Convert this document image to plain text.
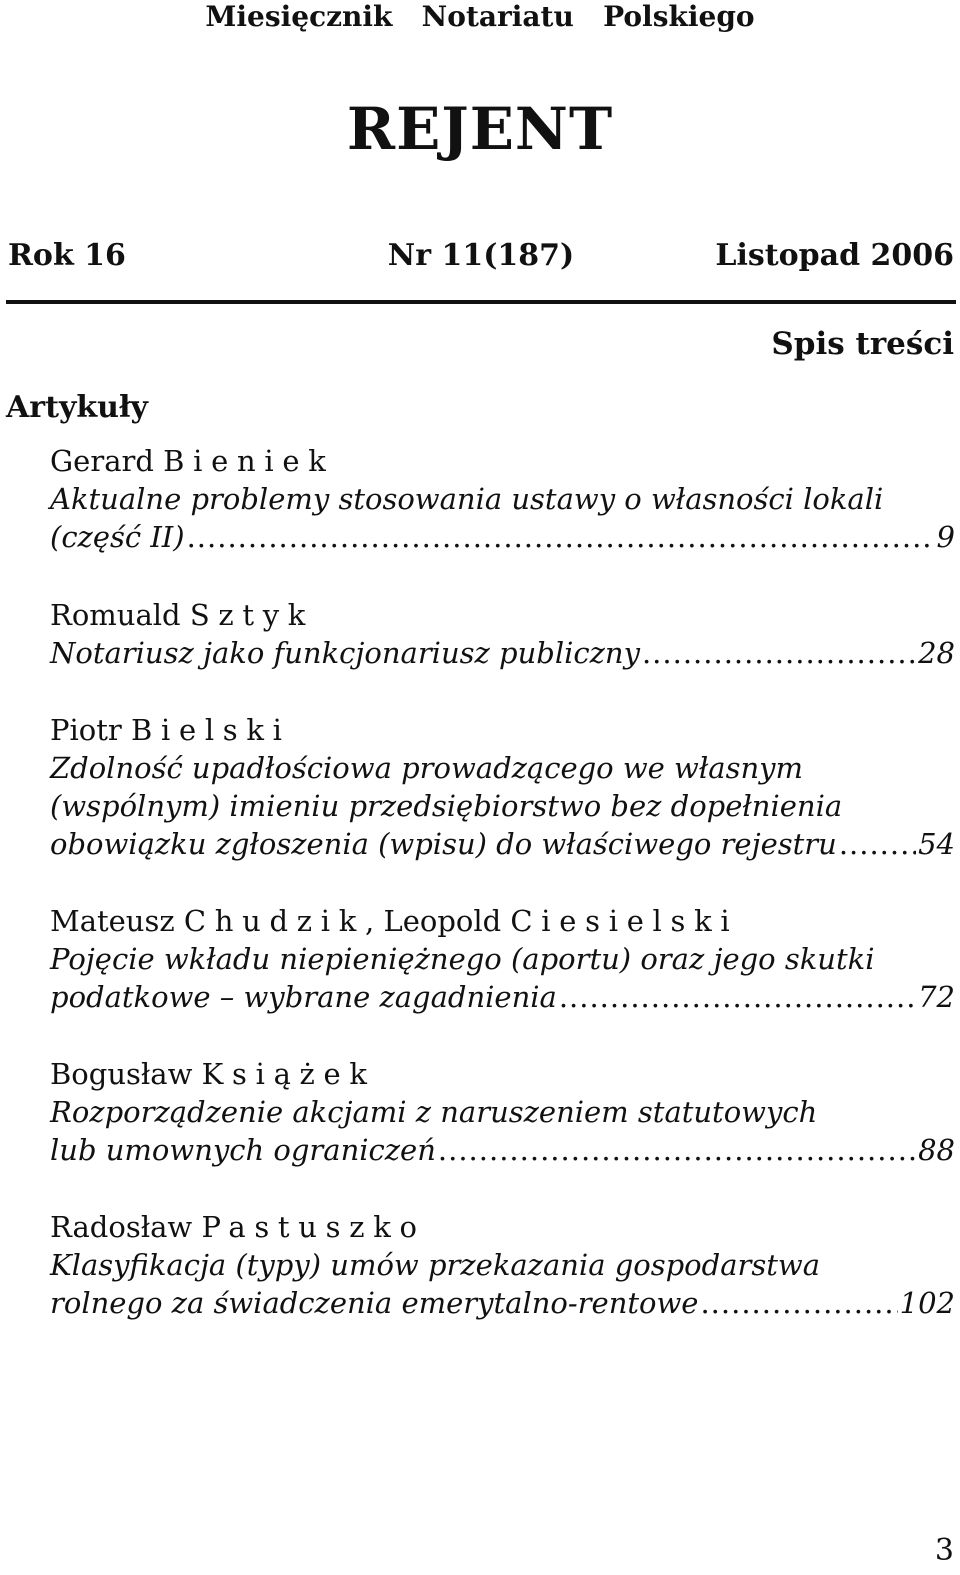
Miesięcznik   Notariatu   Polskiego
REJENT
Rok 16	Nr 11(187)	Listopad 2006
Spis treści
Artykuły
Gerard Bieniek
Aktualne problemy stosowania ustawy o własności lokali
(część II) .....	9
Romuald Sztyk
Notariusz jako funkcjonariusz publiczny .....	28
Piotr Bielski
Zdolność upadłościowa prowadzącego we własnym
(wspólnym) imieniu przedsiębiorstwo bez dopełnienia
obowiązku zgłoszenia (wpisu) do właściwego rejestru .....	54
Mateusz Chudzik, Leopold Ciesielski
Pojęcie wkładu niepieniężnego (aportu) oraz jego skutki
podatkowe – wybrane zagadnienia .....	72
Bogusław Książek
Rozporządzenie akcjami z naruszeniem statutowych
lub umownych ograniczeń .....	88
Radosław Pastuszko
Klasyfikacja (typy) umów przekazania gospodarstwa
rolnego za świadczenia emerytalno-rentowe .....	102
3
